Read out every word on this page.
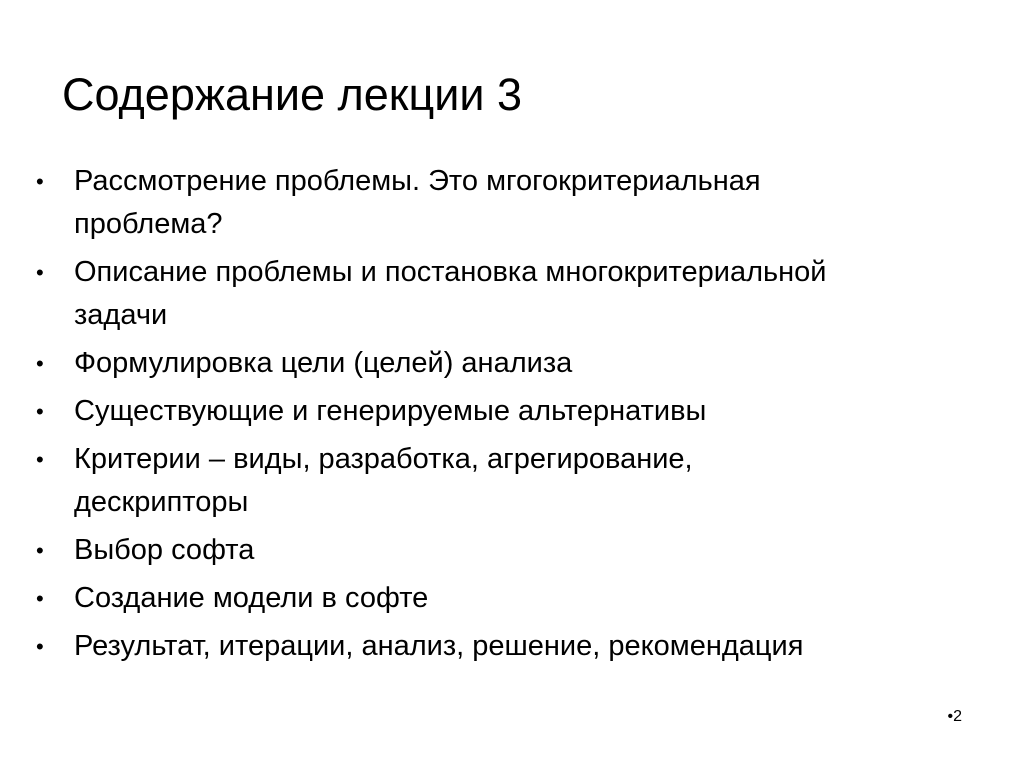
Содержание лекции 3
•	Рассмотрение проблемы. Это мгогокритериальная
проблема?
•	Описание проблемы и постановка многокритериальной
задачи
•	Формулировка цели (целей) анализа
•	Существующие и генерируемые альтернативы
•	Критерии – виды, разработка, агрегирование,
дескрипторы
•	Выбор софта
•	Создание модели в софте
•	Результат, итерации, анализ, решение, рекомендация
•2
